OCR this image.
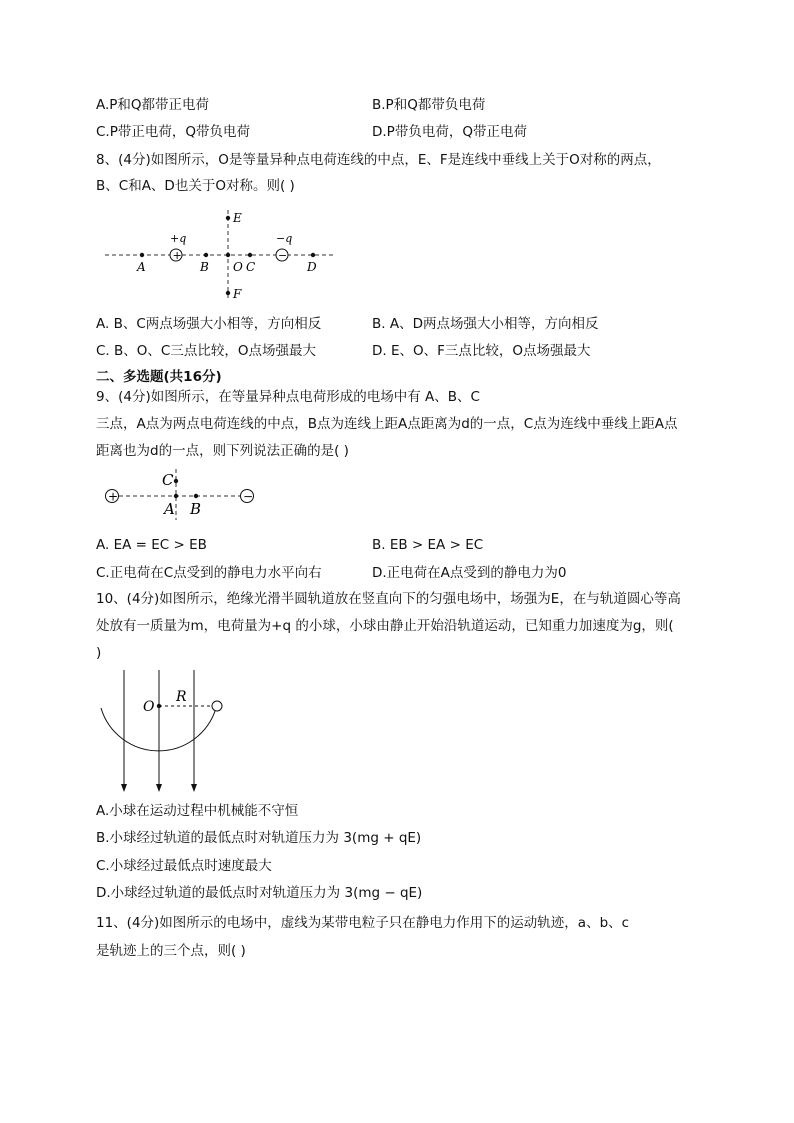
A.P和Q都带正电荷	B.P和Q都带负电荷
C.P带正电荷，Q带负电荷	D.P带负电荷，Q带正电荷
8、(4分)如图所示，O是等量异种点电荷连线的中点，E、F是连线中垂线上关于O对称的两点，
B、C和A、D也关于O对称。则( )
E
F
A
+
+q
B O C
−
−q
D
A. B、C两点场强大小相等，方向相反	B. A、D两点场强大小相等，方向相反
C. B、O、C三点比较，O点场强最大	D. E、O、F三点比较，O点场强最大
二、多选题(共16分)
9、(4分)如图所示，在等量异种点电荷形成的电场中有 A、B、C
三点，A点为两点电荷连线的中点，B点为连线上距A点距离为d的一点，C点为连线中垂线上距A点
距离也为d的一点，则下列说法正确的是( )
+	−
C
A B
A. EA = EC > EB	B. EB > EA > EC
C.正电荷在C点受到的静电力水平向右	D.正电荷在A点受到的静电力为0
10、(4分)如图所示，绝缘光滑半圆轨道放在竖直向下的匀强电场中，场强为E，在与轨道圆心等高
处放有一质量为m，电荷量为+q 的小球，小球由静止开始沿轨道运动，已知重力加速度为g，则(
)
O
R
A.小球在运动过程中机械能不守恒
B.小球经过轨道的最低点时对轨道压力为 3(mg + qE)
C.小球经过最低点时速度最大
D.小球经过轨道的最低点时对轨道压力为 3(mg − qE)
11、(4分)如图所示的电场中，虚线为某带电粒子只在静电力作用下的运动轨迹，a、b、c
是轨迹上的三个点，则( )
